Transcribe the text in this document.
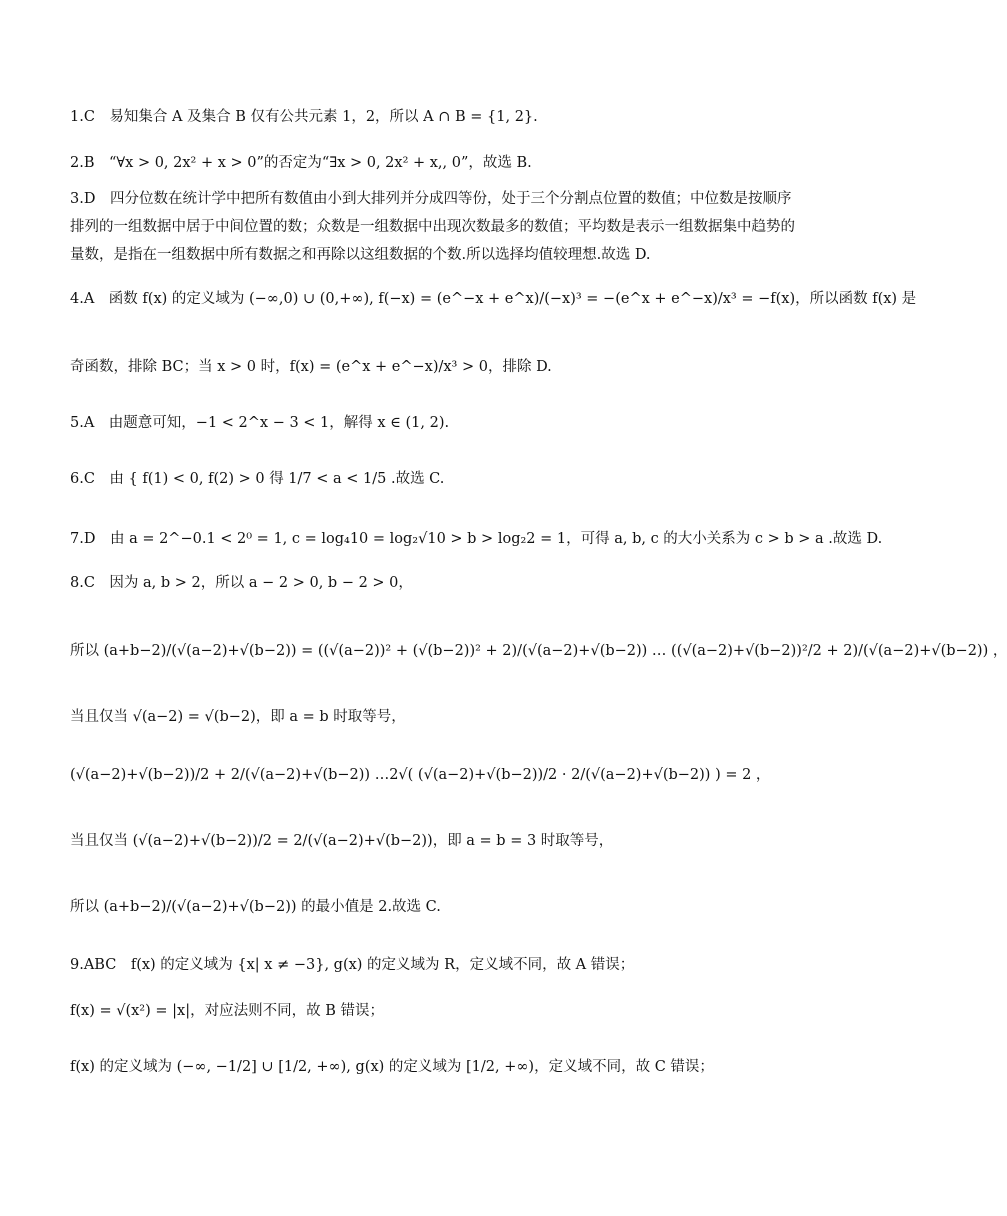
1.C　易知集合 A 及集合 B 仅有公共元素 1，2，所以 A ∩ B = {1, 2}.
2.B　“∀x > 0, 2x² + x > 0”的否定为“∃x > 0, 2x² + x,, 0”，故选 B.
3.D　四分位数在统计学中把所有数值由小到大排列并分成四等份，处于三个分割点位置的数值；中位数是按顺序排列的一组数据中居于中间位置的数；众数是一组数据中出现次数最多的数值；平均数是表示一组数据集中趋势的量数，是指在一组数据中所有数据之和再除以这组数据的个数.所以选择均值较理想.故选 D.
4.A　函数 f(x) 的定义域为 (−∞,0) ∪ (0,+∞), f(−x) = (e^−x + e^x)/(−x)³ = −(e^x + e^−x)/x³ = −f(x)，所以函数 f(x) 是
奇函数，排除 BC；当 x > 0 时，f(x) = (e^x + e^−x)/x³ > 0，排除 D.
5.A　由题意可知，−1 < 2^x − 3 < 1，解得 x ∈ (1, 2).
6.C　由 { f(1) < 0, f(2) > 0 得 1/7 < a < 1/5 .故选 C.
7.D　由 a = 2^−0.1 < 2⁰ = 1, c = log₄10 = log₂√10 > b > log₂2 = 1，可得 a, b, c 的大小关系为 c > b > a .故选 D.
8.C　因为 a, b > 2，所以 a − 2 > 0, b − 2 > 0，
所以 (a+b−2)/(√(a−2)+√(b−2)) = ((√(a−2))² + (√(b−2))² + 2)/(√(a−2)+√(b−2)) … ((√(a−2)+√(b−2))²/2 + 2)/(√(a−2)+√(b−2)) ，
当且仅当 √(a−2) = √(b−2)，即 a = b 时取等号，
(√(a−2)+√(b−2))/2 + 2/(√(a−2)+√(b−2)) …2√( (√(a−2)+√(b−2))/2 · 2/(√(a−2)+√(b−2)) ) = 2 ，
当且仅当 (√(a−2)+√(b−2))/2 = 2/(√(a−2)+√(b−2))，即 a = b = 3 时取等号，
所以 (a+b−2)/(√(a−2)+√(b−2)) 的最小值是 2.故选 C.
9.ABC　f(x) 的定义域为 {x| x ≠ −3}, g(x) 的定义域为 R，定义域不同，故 A 错误；
f(x) = √(x²) = |x|，对应法则不同，故 B 错误；
f(x) 的定义域为 (−∞, −1/2] ∪ [1/2, +∞), g(x) 的定义域为 [1/2, +∞)，定义域不同，故 C 错误；
